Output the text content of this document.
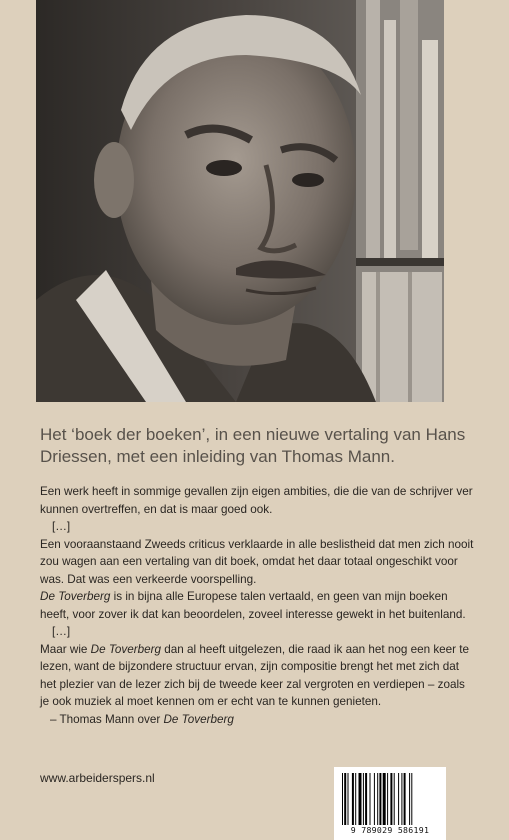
Het ‘boek der boeken’, in een nieuwe vertaling van Hans Driessen, met een inleiding van Thomas Mann.

Een werk heeft in sommige gevallen zijn eigen ambities, die die van de schrijver ver kunnen overtreffen, en dat is maar goed ook.

[…]

Een vooraanstaand Zweeds criticus verklaarde in alle beslistheid dat men zich nooit zou wagen aan een vertaling van dit boek, omdat het daar totaal ongeschikt voor was. Dat was een verkeerde voorspelling.

De Toverberg is in bijna alle Europese talen vertaald, en geen van mijn boeken heeft, voor zover ik dat kan beoordelen, zoveel interesse gewekt in het buitenland.

[…]

Maar wie De Toverberg dan al heeft uitgelezen, die raad ik aan het nog een keer te lezen, want de bijzondere structuur ervan, zijn compositie brengt het met zich dat het plezier van de lezer zich bij de tweede keer zal vergroten en verdiepen – zoals je ook muziek al moet kennen om er echt van te kunnen genieten.

– Thomas Mann over De Toverberg

www.arbeiderspers.nl
9 789029 586191
